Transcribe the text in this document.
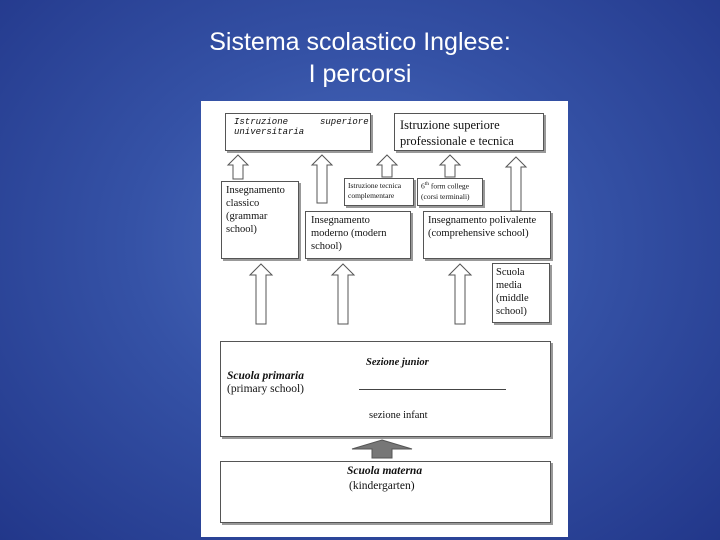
Sistema scolastico Inglese:
I percorsi
Istruzione	superiore
universitaria	Istruzione superiore
professionale e tecnica
Insegnamento
classico
(grammar
school)
Istruzione tecnica
complementare
6th form college
(corsi terminali)
Insegnamento
moderno (modern
school)
Insegnamento polivalente
(comprehensive school)
Scuola
media
(middle
school)
Sezione junior
Scuola primaria
(primary school)
sezione infant
Scuola materna
(kindergarten)
